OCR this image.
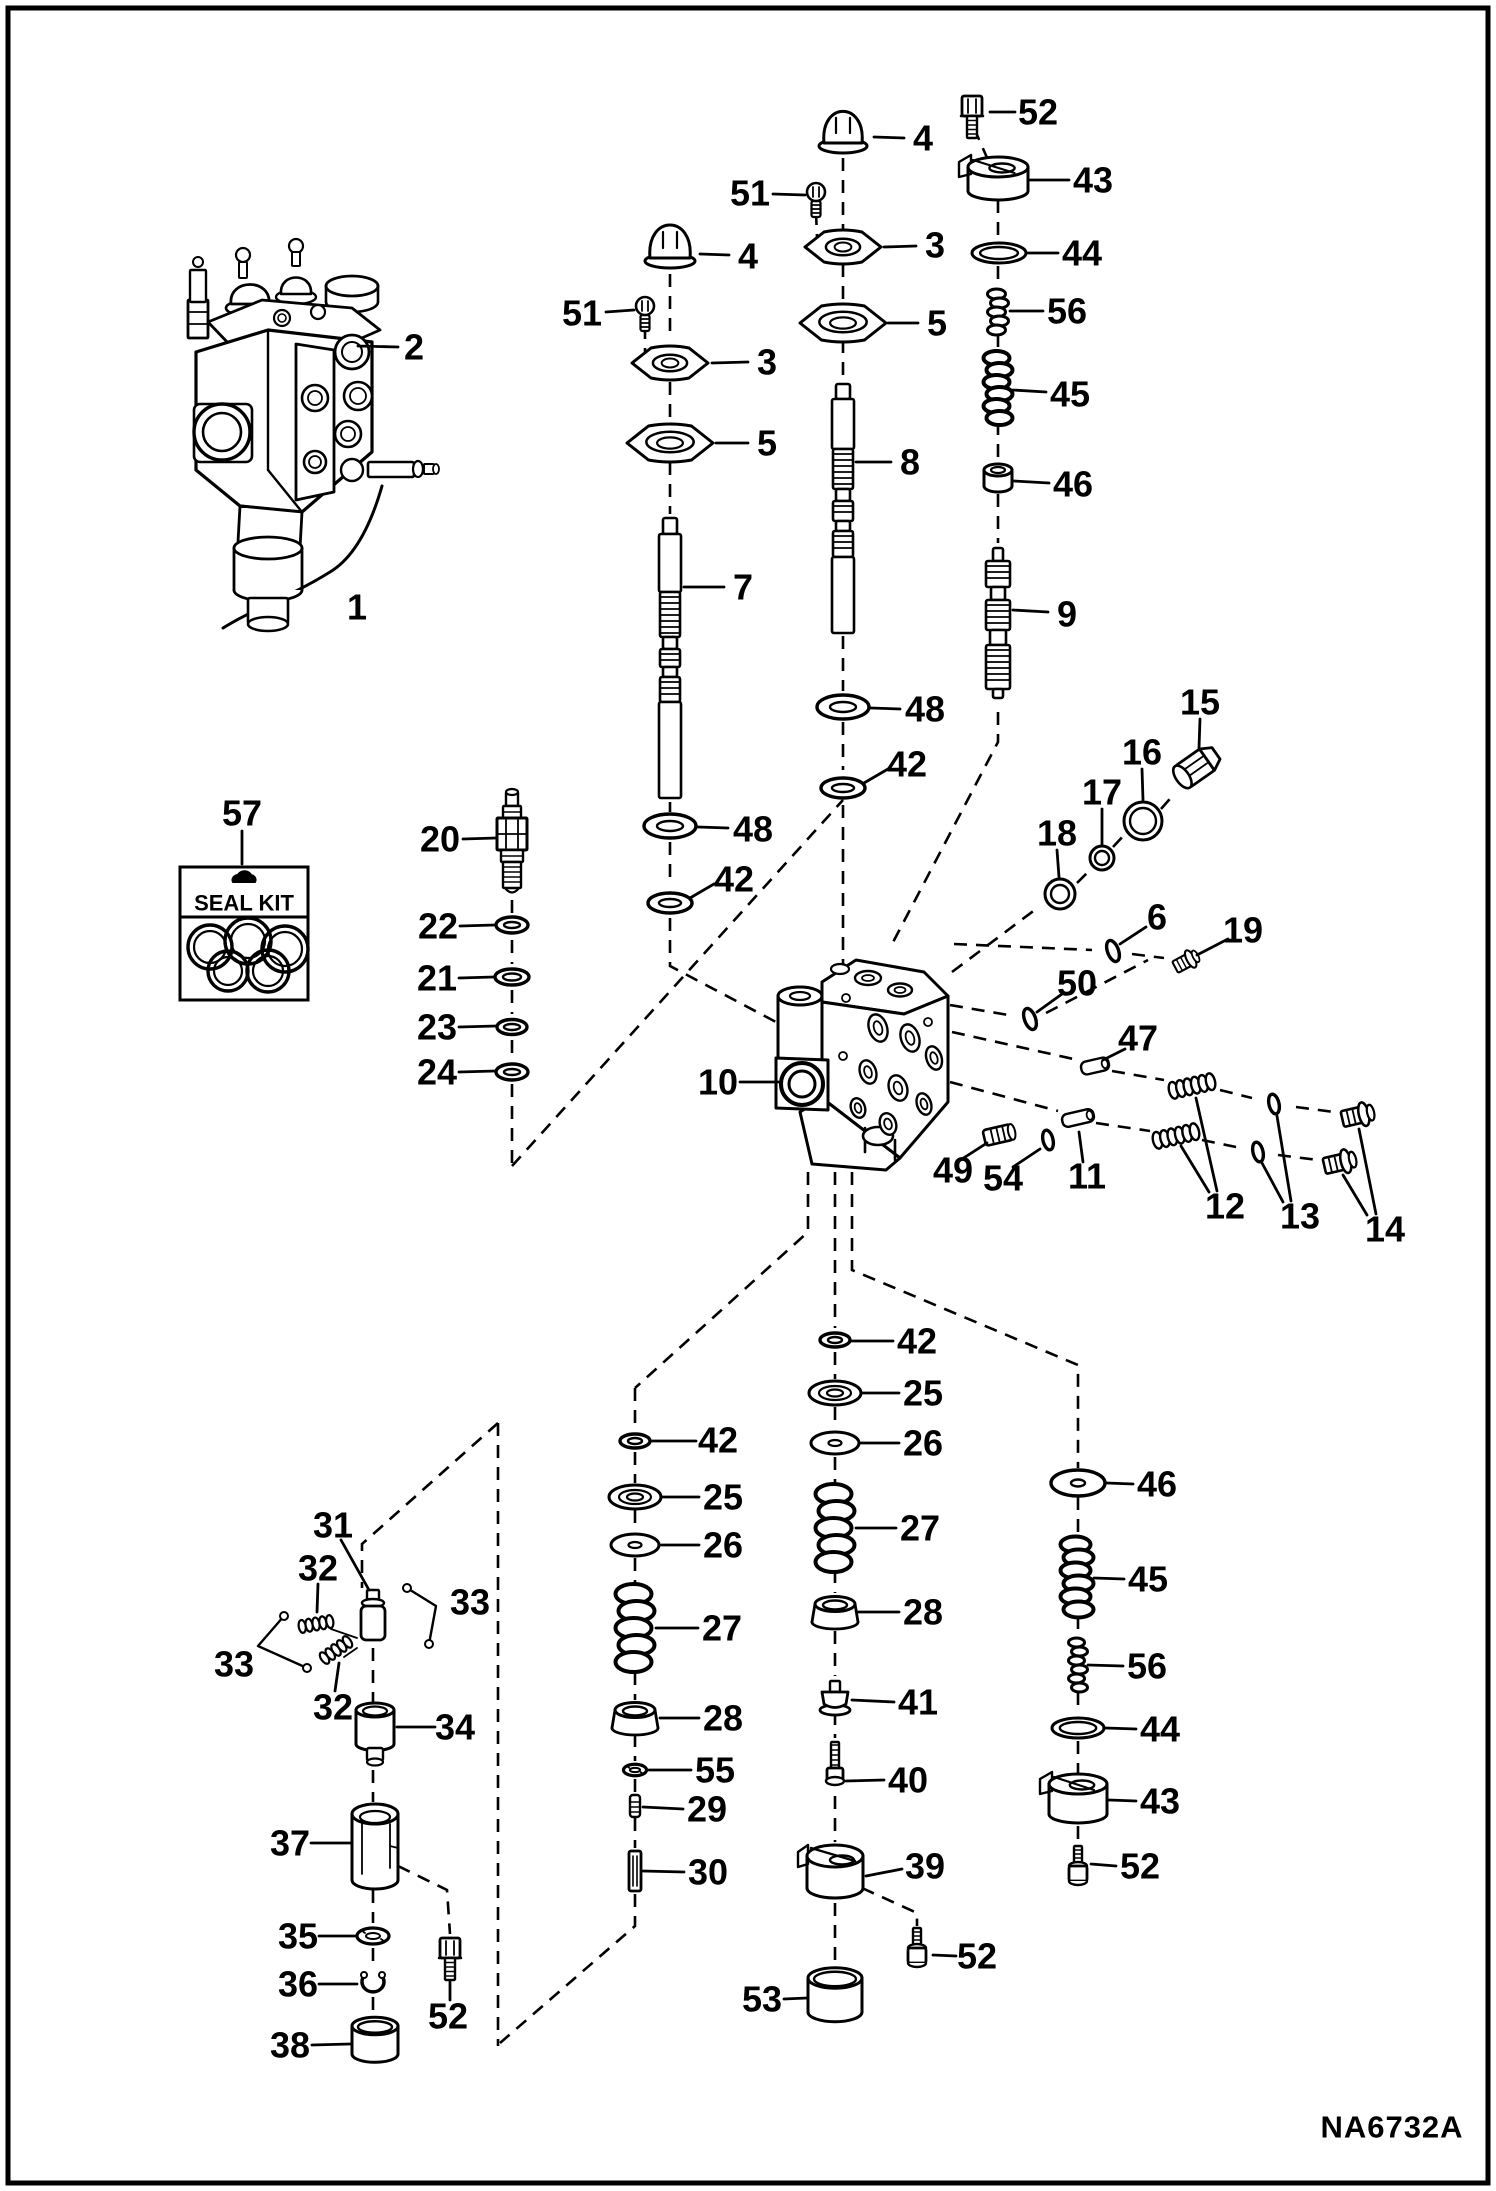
SEAL KIT
2
1
4
51
3
5
7
48
42
4
51
3
5
8
48
42
52
43
44
56
45
46
9
15
16
17
18
6 19
50
10
47
49 54 11
12 13 14
20
22
21
23
24
57
31
32
33
33
32 34
37
35
36
38
52
42
25
26
27
28
55
29
30
42
25
26
27
28
41
40
39
53
52
46
45
56
44
43
52
NA6732A
